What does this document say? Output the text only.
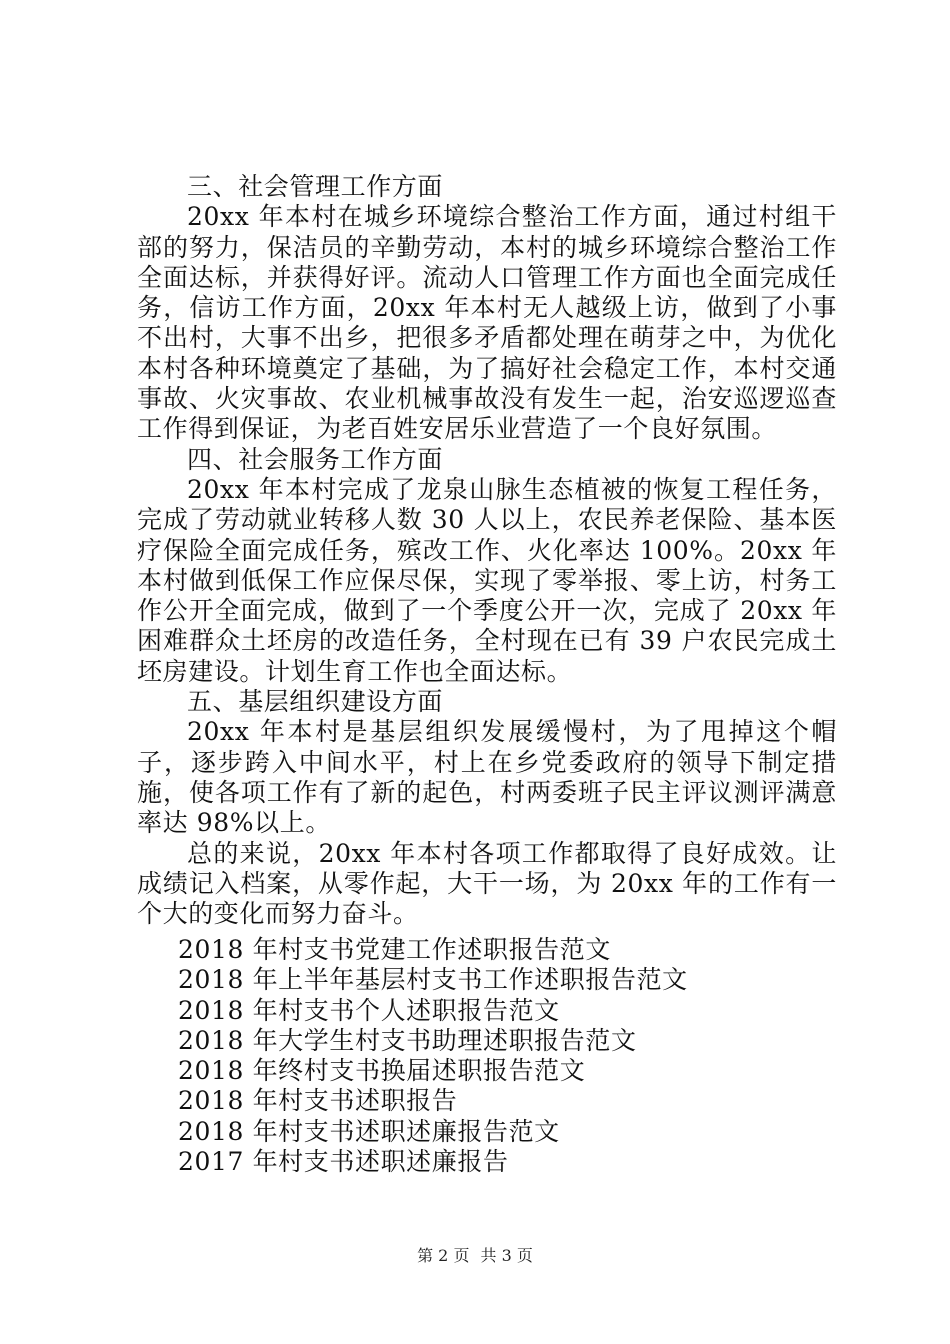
三、社会管理工作方面

20xx 年本村在城乡环境综合整治工作方面，通过村组干部的努力，保洁员的辛勤劳动，本村的城乡环境综合整治工作全面达标，并获得好评。流动人口管理工作方面也全面完成任务，信访工作方面，20xx 年本村无人越级上访，做到了小事不出村，大事不出乡，把很多矛盾都处理在萌芽之中，为优化本村各种环境奠定了基础，为了搞好社会稳定工作，本村交通事故、火灾事故、农业机械事故没有发生一起，治安巡逻巡查工作得到保证，为老百姓安居乐业营造了一个良好氛围。

四、社会服务工作方面

20xx 年本村完成了龙泉山脉生态植被的恢复工程任务，完成了劳动就业转移人数 30 人以上，农民养老保险、基本医疗保险全面完成任务，殡改工作、火化率达 100%。20xx 年本村做到低保工作应保尽保，实现了零举报、零上访，村务工作公开全面完成，做到了一个季度公开一次，完成了 20xx 年困难群众土坯房的改造任务，全村现在已有 39 户农民完成土坯房建设。计划生育工作也全面达标。

五、基层组织建设方面

20xx 年本村是基层组织发展缓慢村，为了甩掉这个帽子，逐步跨入中间水平，村上在乡党委政府的领导下制定措施，使各项工作有了新的起色，村两委班子民主评议测评满意率达 98%以上。

总的来说，20xx 年本村各项工作都取得了良好成效。让成绩记入档案，从零作起，大干一场，为 20xx 年的工作有一个大的变化而努力奋斗。

2018 年村支书党建工作述职报告范文
2018 年上半年基层村支书工作述职报告范文
2018 年村支书个人述职报告范文
2018 年大学生村支书助理述职报告范文
2018 年终村支书换届述职报告范文
2018 年村支书述职报告
2018 年村支书述职述廉报告范文
2017 年村支书述职述廉报告
第 2 页 共 3 页
